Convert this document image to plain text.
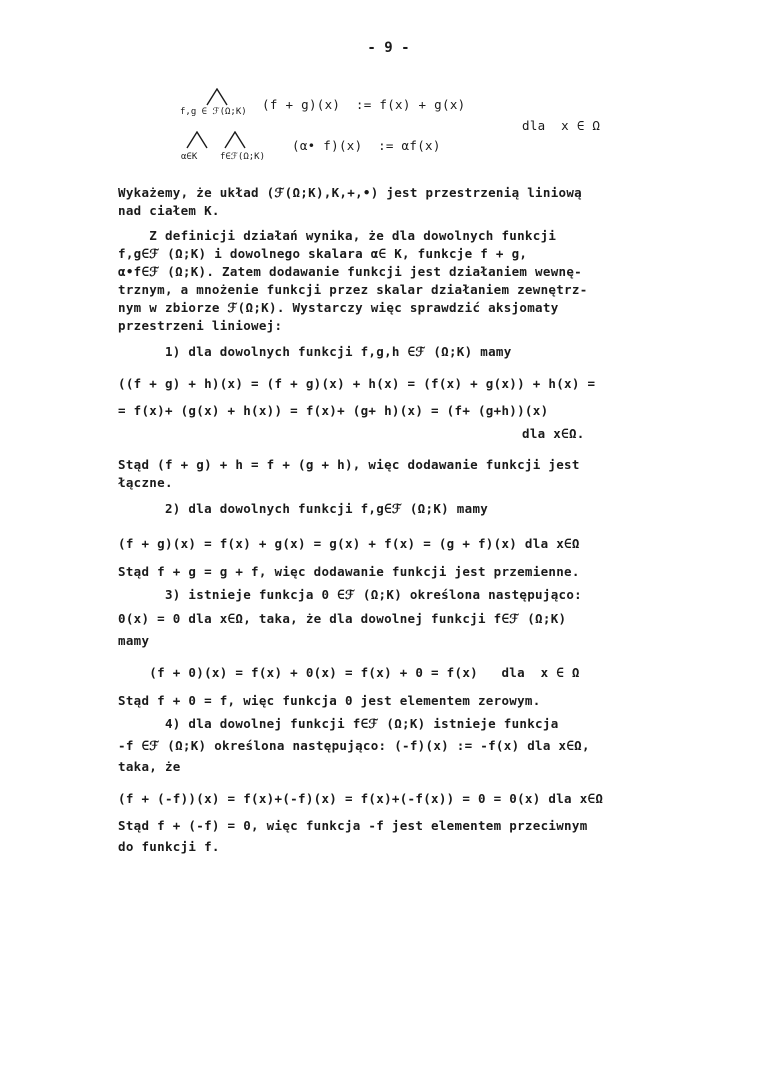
- 9 -
f,g ∈ ℱ(Ω;K) (f + g)(x)  := f(x) + g(x)
α∈K	f∈ℱ(Ω;K)
(α• f)(x)  := αf(x)
dla  x ∈ Ω
Wykażemy, że układ (ℱ(Ω;K),K,+,•) jest przestrzenią liniową
nad ciałem K.
Z definicji działań wynika, że dla dowolnych funkcji
f,g∈ℱ (Ω;K) i dowolnego skalara α∈ K, funkcje f + g,
α•f∈ℱ (Ω;K). Zatem dodawanie funkcji jest działaniem wewnę-
trznym, a mnożenie funkcji przez skalar działaniem zewnętrz-
nym w zbiorze ℱ(Ω;K). Wystarczy więc sprawdzić aksjomaty
przestrzeni liniowej:
1) dla dowolnych funkcji f,g,h ∈ℱ (Ω;K) mamy
((f + g) + h)(x) = (f + g)(x) + h(x) = (f(x) + g(x)) + h(x) =
= f(x)+ (g(x) + h(x)) = f(x)+ (g+ h)(x) = (f+ (g+h))(x)
dla x∈Ω.
Stąd (f + g) + h = f + (g + h), więc dodawanie funkcji jest
łączne.
2) dla dowolnych funkcji f,g∈ℱ (Ω;K) mamy
(f + g)(x) = f(x) + g(x) = g(x) + f(x) = (g + f)(x) dla x∈Ω
Stąd f + g = g + f, więc dodawanie funkcji jest przemienne.
3) istnieje funkcja 0 ∈ℱ (Ω;K) określona następująco:
0(x) = 0 dla x∈Ω, taka, że dla dowolnej funkcji f∈ℱ (Ω;K)
mamy
(f + 0)(x) = f(x) + 0(x) = f(x) + 0 = f(x)   dla  x ∈ Ω
Stąd f + 0 = f, więc funkcja 0 jest elementem zerowym.
4) dla dowolnej funkcji f∈ℱ (Ω;K) istnieje funkcja
-f ∈ℱ (Ω;K) określona następująco: (-f)(x) := -f(x) dla x∈Ω,
taka, że
(f + (-f))(x) = f(x)+(-f)(x) = f(x)+(-f(x)) = 0 = 0(x) dla x∈Ω
Stąd f + (-f) = 0, więc funkcja -f jest elementem przeciwnym
do funkcji f.
